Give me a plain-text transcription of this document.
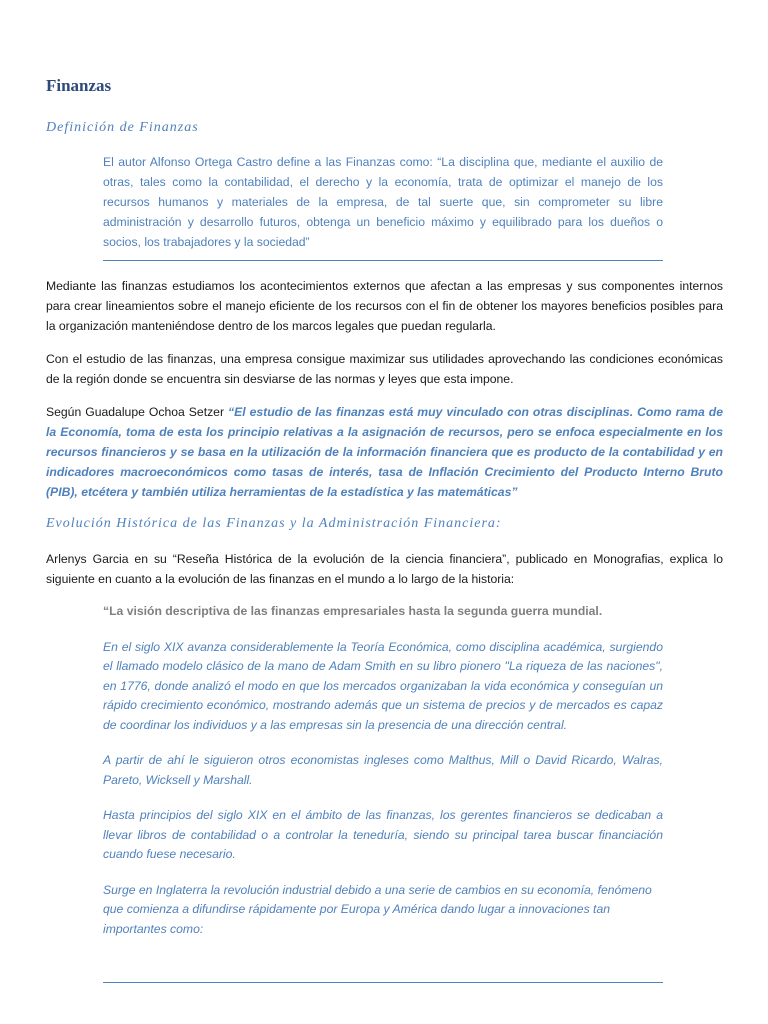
Finanzas
Definición de Finanzas
El autor Alfonso Ortega Castro define a las Finanzas como: “La disciplina que, mediante el auxilio de otras, tales como la contabilidad, el derecho y la economía, trata de optimizar el manejo de los recursos humanos y materiales de la empresa, de tal suerte que, sin comprometer su libre administración y desarrollo futuros, obtenga un beneficio máximo y equilibrado para los dueños o socios, los trabajadores y la sociedad”
Mediante las finanzas estudiamos los acontecimientos externos que afectan a las empresas y sus componentes internos para crear lineamientos sobre el manejo eficiente de los recursos con el fin de obtener los mayores beneficios posibles para la organización manteniéndose dentro de los marcos legales que puedan regularla.
Con el estudio de las finanzas, una empresa consigue maximizar sus utilidades aprovechando las condiciones económicas de la región donde se encuentra sin desviarse de las normas y leyes que esta impone.
Según Guadalupe Ochoa Setzer “El estudio de las finanzas está muy vinculado con otras disciplinas. Como rama de la Economía, toma de esta los principio relativas a la asignación de recursos, pero se enfoca especialmente en los recursos financieros y se basa en la utilización de la información financiera que es producto de la contabilidad y en indicadores macroeconómicos como tasas de interés, tasa de Inflación Crecimiento del Producto Interno Bruto (PIB), etcétera y también utiliza herramientas de la estadística y las matemáticas”
Evolución Histórica de las Finanzas y la Administración Financiera:
Arlenys Garcia en su “Reseña Histórica de la evolución de la ciencia financiera”, publicado en Monografias, explica lo siguiente en cuanto a la evolución de las finanzas en el mundo a lo largo de la historia:
“La visión descriptiva de las finanzas empresariales hasta la segunda guerra mundial.

En el siglo XIX avanza considerablemente la Teoría Económica, como disciplina académica, surgiendo el llamado modelo clásico de la mano de Adam Smith en su libro pionero "La riqueza de las naciones", en 1776, donde analizó el modo en que los mercados organizaban la vida económica y conseguían un rápido crecimiento económico, mostrando además que un sistema de precios y de mercados es capaz de coordinar los individuos y a las empresas sin la presencia de una dirección central.

A partir de ahí le siguieron otros economistas ingleses como Malthus, Mill o David Ricardo, Walras, Pareto, Wicksell y Marshall.

Hasta principios del siglo XIX en el ámbito de las finanzas, los gerentes financieros se dedicaban a llevar libros de contabilidad o a controlar la teneduría, siendo su principal tarea buscar financiación cuando fuese necesario.

Surge en Inglaterra la revolución industrial debido a una serie de cambios en su economía, fenómeno que comienza a difundirse rápidamente por Europa y América dando lugar a innovaciones tan importantes como:
